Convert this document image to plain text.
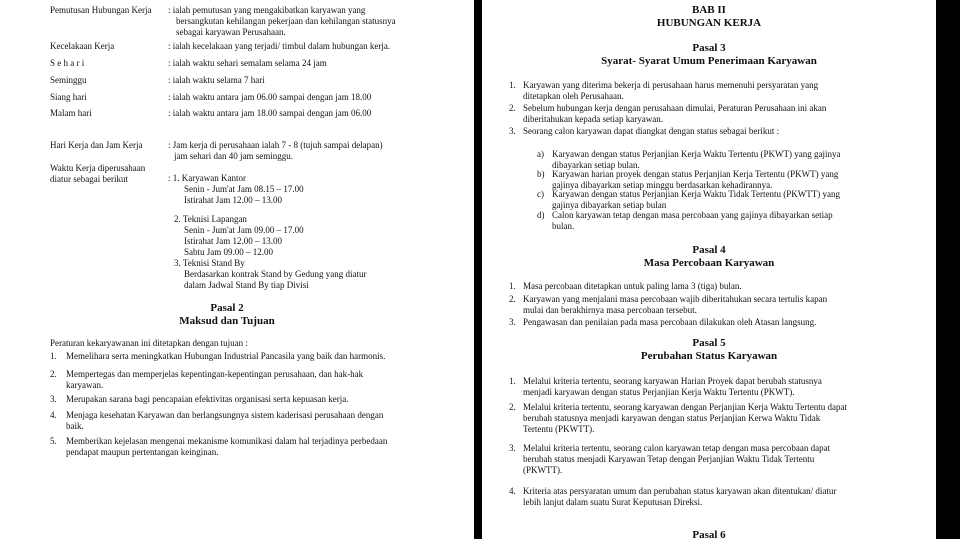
Pemutusan Hubungan Kerja : ialah pemutusan yang mengakibatkan karyawan yang
bersangkutan kehilangan pekerjaan dan kehilangan statusnya
sebagai karyawan Perusahaan.
Kecelakaan Kerja	: ialah kecelakaan yang terjadi/ timbul dalam hubungan kerja.
S e h a r i	: ialah waktu sehari semalam selama 24 jam
Seminggu	: ialah waktu selama 7 hari
Siang hari	: ialah waktu antara jam 06.00 sampai dengan jam 18.00
Malam hari	: ialah waktu antara jam 18.00 sampai dengan jam 06.00
Hari Kerja dan Jam Kerja	: Jam kerja di perusahaan ialah 7 - 8 (tujuh sampai delapan)
jam sehari dan 40 jam seminggu.
Waktu Kerja diperusahaan
diatur sebagai berikut	: 1. Karyawan Kantor
Senin - Jum'at Jam 08.15 – 17.00
Istirahat Jam 12.00 – 13.00
2. Teknisi Lapangan
Senin - Jum'at Jam 09.00 – 17.00
Istirahat Jam 12.00 – 13.00
Sabtu Jam 09.00 – 12.00
3. Teknisi Stand By
Berdasarkan kontrak Stand by Gedung yang diatur
dalam Jadwal Stand By tiap Divisi
Pasal 2
Maksud dan Tujuan
Peraturan kekaryawanan ini ditetapkan dengan tujuan :
1. Memelihara serta meningkatkan Hubungan Industrial Pancasila yang baik dan harmonis.
2. Mempertegas dan memperjelas kepentingan-kepentingan perusahaan, dan hak-hak
karyawan.
3. Merupakan sarana bagi pencapaian efektivitas organisasi serta kepuasan kerja.
4. Menjaga kesehatan Karyawan dan berlangsungnya sistem kaderisasi perusahaan dengan
baik.
5. Memberikan kejelasan mengenai mekanisme komunikasi dalam hal terjadinya perbedaan
pendapat maupun pertentangan keinginan.
BAB II
HUBUNGAN KERJA
Pasal 3
Syarat- Syarat Umum Penerimaan Karyawan
1. Karyawan yang diterima bekerja di perusahaan harus memenuhi persyaratan yang
ditetapkan oleh Perusahaan.
2. Sebelum hubungan kerja dengan perusahaan dimulai, Peraturan Perusahaan ini akan
diberitahukan kepada setiap karyawan.
3. Seorang calon karyawan dapat diangkat dengan status sebagai berikut :
a) Karyawan dengan status Perjanjian Kerja Waktu Tertentu (PKWT) yang gajinya
dibayarkan setiap bulan.
b) Karyawan harian proyek dengan status Perjanjian Kerja Tertentu (PKWT) yang
gajinya dibayarkan setiap minggu berdasarkan kehadirannya.
c) Karyawan dengan status Perjanjian Kerja Waktu Tidak Tertentu (PKWTT) yang
gajinya dibayarkan setiap bulan
d) Calon karyawan tetap dengan masa percobaan yang gajinya dibayarkan setiap
bulan.
Pasal 4
Masa Percobaan Karyawan
1. Masa percobaan ditetapkan untuk paling lama 3 (tiga) bulan.
2. Karyawan yang menjalani masa percobaan wajib diberitahukan secara tertulis kapan
mulai dan berakhirnya masa percobaan tersebut.
3. Pengawasan dan penilaian pada masa percobaan dilakukan oleh Atasan langsung.
Pasal 5
Perubahan Status Karyawan
1. Melalui kriteria tertentu, seorang karyawan Harian Proyek dapat berubah statusnya
menjadi karyawan dengan status Perjanjian Kerja Waktu Tertentu (PKWT).
2. Melalui kriteria tertentu, seorang karyawan dengan Perjanjian Kerja Waktu Tertentu dapat
berubah statusnya menjadi karyawan dengan status Perjanjian Kerwa Waktu Tidak
Tertentu (PKWTT).
3. Melalui kriteria tertentu, seorang calon karyawan tetap dengan masa percobaan dapat
berubah status menjadi Karyawan Tetap dengan Perjanjian Waktu Tidak Tertentu
(PKWTT).
4. Kriteria atas persyaratan umum dan perubahan status karyawan akan ditentukan/ diatur
lebih lanjut dalam suatu Surat Keputusan Direksi.
Pasal 6
